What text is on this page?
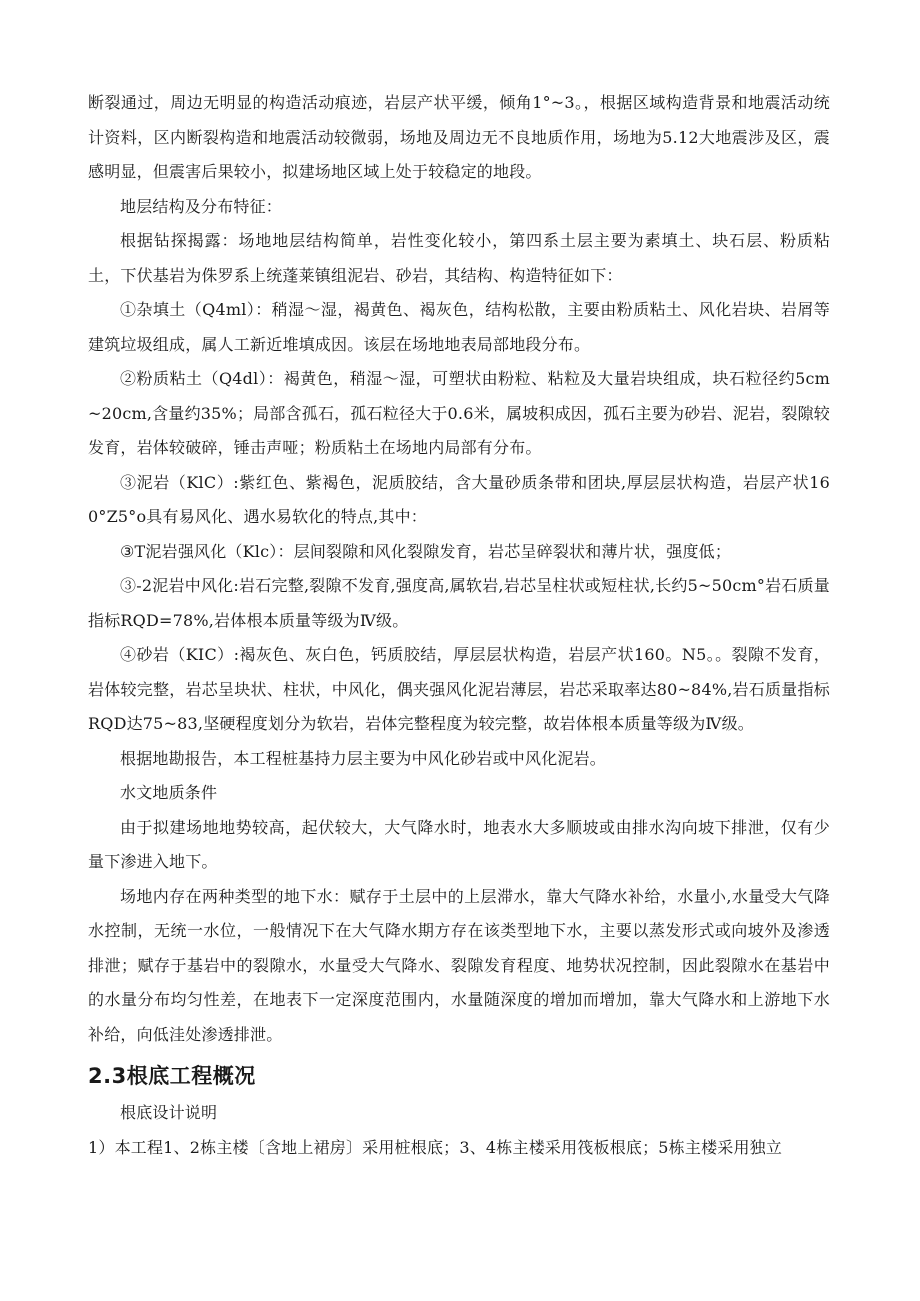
断裂通过，周边无明显的构造活动痕迹，岩层产状平缓，倾角1°~3。，根据区域构造背景和地震活动统计资料，区内断裂构造和地震活动较微弱，场地及周边无不良地质作用，场地为5.12大地震涉及区，震感明显，但震害后果较小，拟建场地区域上处于较稳定的地段。

地层结构及分布特征：

根据钻探揭露：场地地层结构简单，岩性变化较小，第四系土层主要为素填土、块石层、粉质粘土，下伏基岩为侏罗系上统蓬莱镇组泥岩、砂岩，其结构、构造特征如下：

①杂填土（Q4ml）：稍湿～湿，褐黄色、褐灰色，结构松散，主要由粉质粘土、风化岩块、岩屑等建筑垃圾组成，属人工新近堆填成因。该层在场地地表局部地段分布。

②粉质粘土（Q4dl）：褐黄色，稍湿～湿，可塑状由粉粒、粘粒及大量岩块组成，块石粒径约5cm~20cm,含量约35%；局部含孤石，孤石粒径大于0.6米，属坡积成因，孤石主要为砂岩、泥岩，裂隙较发育，岩体较破碎，锤击声哑；粉质粘土在场地内局部有分布。

③泥岩（KlC）:紫红色、紫褐色，泥质胶结，含大量砂质条带和团块,厚层层状构造，岩层产状160°Z5°o具有易风化、遇水易软化的特点,其中：

③T泥岩强风化（Klc）：层间裂隙和风化裂隙发育，岩芯呈碎裂状和薄片状，强度低；

③-2泥岩中风化:岩石完整,裂隙不发育,强度高,属软岩,岩芯呈柱状或短柱状,长约5~50cm°岩石质量指标RQD=78%,岩体根本质量等级为Ⅳ级。

④砂岩（KIC）:褐灰色、灰白色，钙质胶结，厚层层状构造，岩层产状160。N5。。裂隙不发育，岩体较完整，岩芯呈块状、柱状，中风化，偶夹强风化泥岩薄层，岩芯采取率达80~84%,岩石质量指标RQD达75~83,坚硬程度划分为软岩，岩体完整程度为较完整，故岩体根本质量等级为Ⅳ级。

根据地勘报告，本工程桩基持力层主要为中风化砂岩或中风化泥岩。

水文地质条件

由于拟建场地地势较高，起伏较大，大气降水时，地表水大多顺坡或由排水沟向坡下排泄，仅有少量下渗进入地下。

场地内存在两种类型的地下水：赋存于土层中的上层滞水，靠大气降水补给，水量小,水量受大气降水控制，无统一水位，一般情况下在大气降水期方存在该类型地下水，主要以蒸发形式或向坡外及渗透排泄；赋存于基岩中的裂隙水，水量受大气降水、裂隙发育程度、地势状况控制，因此裂隙水在基岩中的水量分布均匀性差，在地表下一定深度范围内，水量随深度的增加而增加，靠大气降水和上游地下水补给，向低洼处渗透排泄。

2.3根底工程概况

根底设计说明

1）本工程1、2栋主楼〔含地上裙房〕采用桩根底；3、4栋主楼采用筏板根底；5栋主楼采用独立
